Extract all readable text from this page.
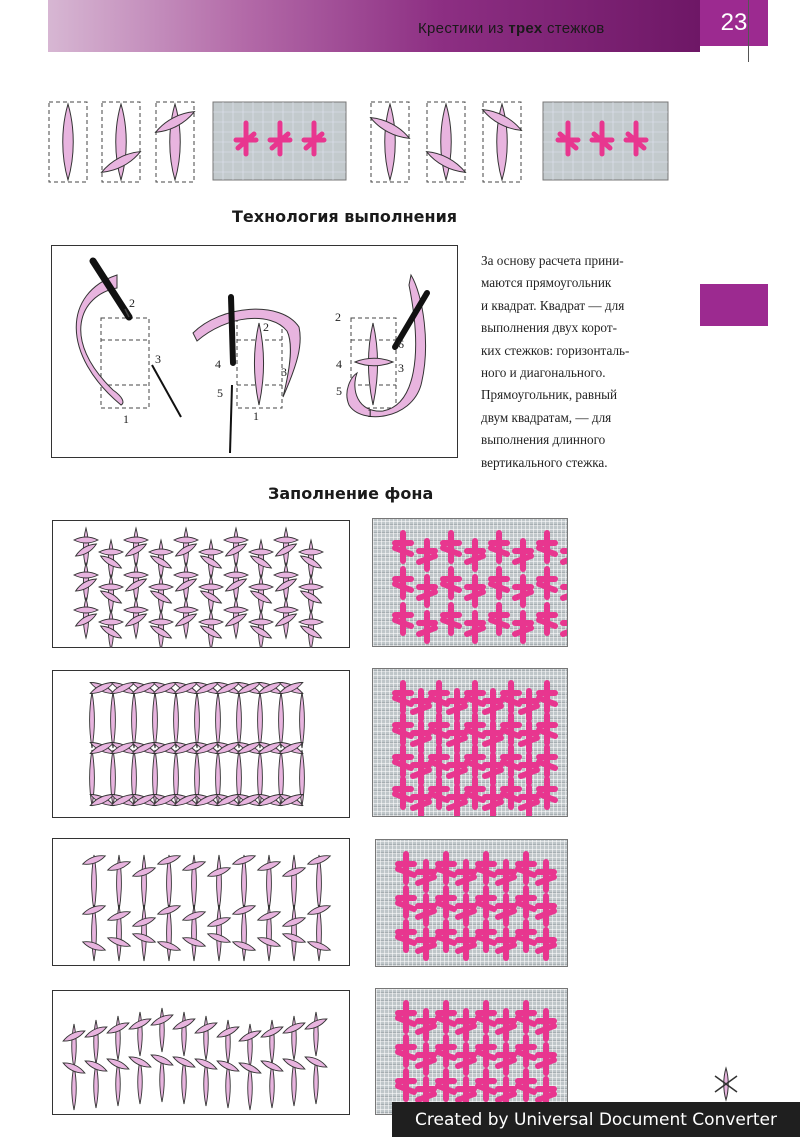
Крестики из трех стежков	23
Технология выполнения
2
3
1
2
4
3
5
1
2
6
4	3
5
1
За основу расчета прини-
маются прямоугольник
и квадрат. Квадрат — для
выполнения двух корот-
ких стежков: горизонталь-
ного и диагонального.
Прямоугольник, равный
двум квадратам, — для
выполнения длинного
вертикального стежка.
Заполнение фона
Created by Universal Document Converter
